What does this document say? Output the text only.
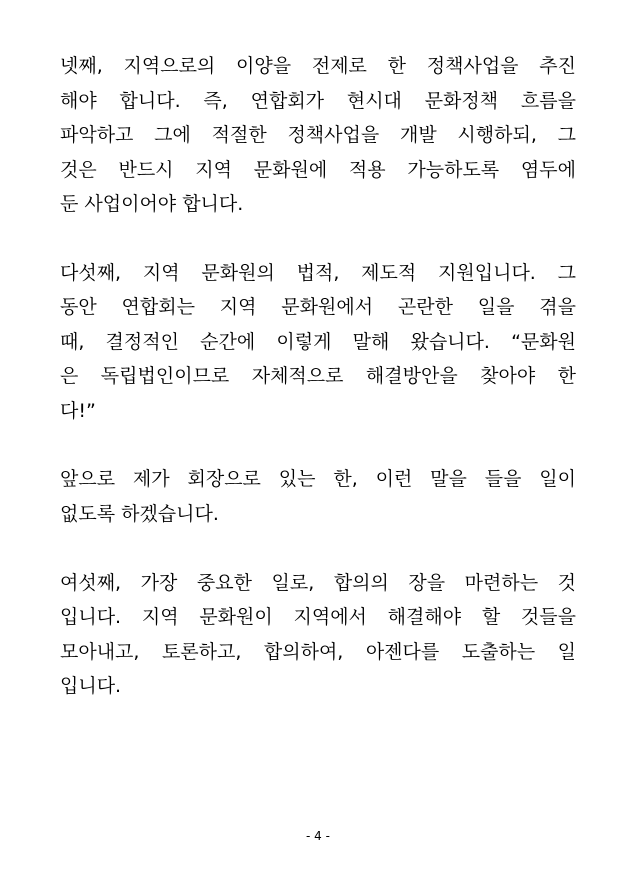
넷째, 지역으로의 이양을 전제로 한 정책사업을 추진
해야 합니다. 즉, 연합회가 현시대 문화정책 흐름을
파악하고 그에 적절한 정책사업을 개발 시행하되, 그
것은 반드시 지역 문화원에 적용 가능하도록 염두에
둔 사업이어야 합니다.
다섯째, 지역 문화원의 법적, 제도적 지원입니다. 그
동안 연합회는 지역 문화원에서 곤란한 일을 겪을
때, 결정적인 순간에 이렇게 말해 왔습니다. “문화원
은 독립법인이므로 자체적으로 해결방안을 찾아야 한
다!”
앞으로 제가 회장으로 있는 한, 이런 말을 들을 일이
없도록 하겠습니다.
여섯째, 가장 중요한 일로, 합의의 장을 마련하는 것
입니다. 지역 문화원이 지역에서 해결해야 할 것들을
모아내고, 토론하고, 합의하여, 아젠다를 도출하는 일
입니다.
- 4 -
